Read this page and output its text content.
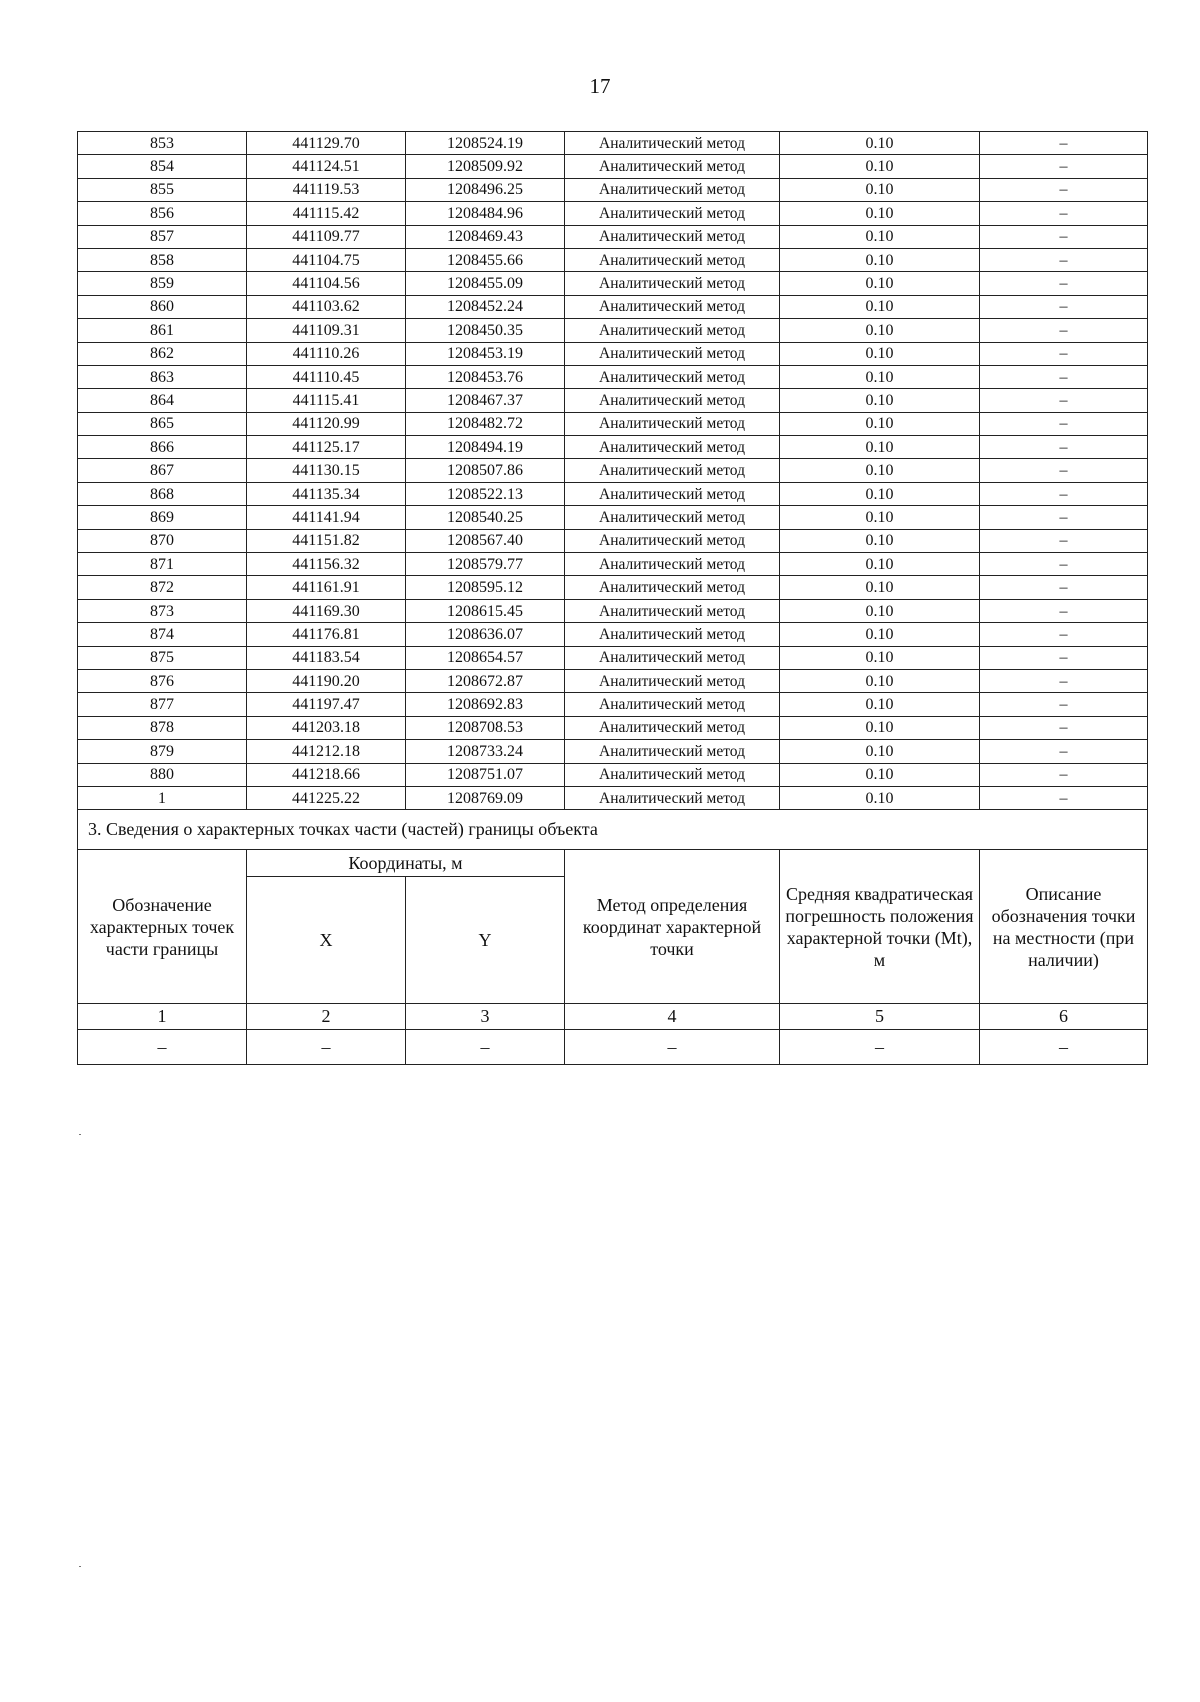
17
853	441129.70	1208524.19	Аналитический метод	0.10	–
854	441124.51	1208509.92	Аналитический метод	0.10	–
855	441119.53	1208496.25	Аналитический метод	0.10	–
856	441115.42	1208484.96	Аналитический метод	0.10	–
857	441109.77	1208469.43	Аналитический метод	0.10	–
858	441104.75	1208455.66	Аналитический метод	0.10	–
859	441104.56	1208455.09	Аналитический метод	0.10	–
860	441103.62	1208452.24	Аналитический метод	0.10	–
861	441109.31	1208450.35	Аналитический метод	0.10	–
862	441110.26	1208453.19	Аналитический метод	0.10	–
863	441110.45	1208453.76	Аналитический метод	0.10	–
864	441115.41	1208467.37	Аналитический метод	0.10	–
865	441120.99	1208482.72	Аналитический метод	0.10	–
866	441125.17	1208494.19	Аналитический метод	0.10	–
867	441130.15	1208507.86	Аналитический метод	0.10	–
868	441135.34	1208522.13	Аналитический метод	0.10	–
869	441141.94	1208540.25	Аналитический метод	0.10	–
870	441151.82	1208567.40	Аналитический метод	0.10	–
871	441156.32	1208579.77	Аналитический метод	0.10	–
872	441161.91	1208595.12	Аналитический метод	0.10	–
873	441169.30	1208615.45	Аналитический метод	0.10	–
874	441176.81	1208636.07	Аналитический метод	0.10	–
875	441183.54	1208654.57	Аналитический метод	0.10	–
876	441190.20	1208672.87	Аналитический метод	0.10	–
877	441197.47	1208692.83	Аналитический метод	0.10	–
878	441203.18	1208708.53	Аналитический метод	0.10	–
879	441212.18	1208733.24	Аналитический метод	0.10	–
880	441218.66	1208751.07	Аналитический метод	0.10	–
1	441225.22	1208769.09	Аналитический метод	0.10	–
3. Сведения о характерных точках части (частей) границы объекта					
Обозначение характерных точек части границы	Координаты, м		Метод определения координат характерной точки	Средняя квадратическая погрешность положения характерной точки (Mt), м	Описание обозначения точки на местности (при наличии)
	X	Y			
1	2	3	4	5	6
–	–	–	–	–	–
